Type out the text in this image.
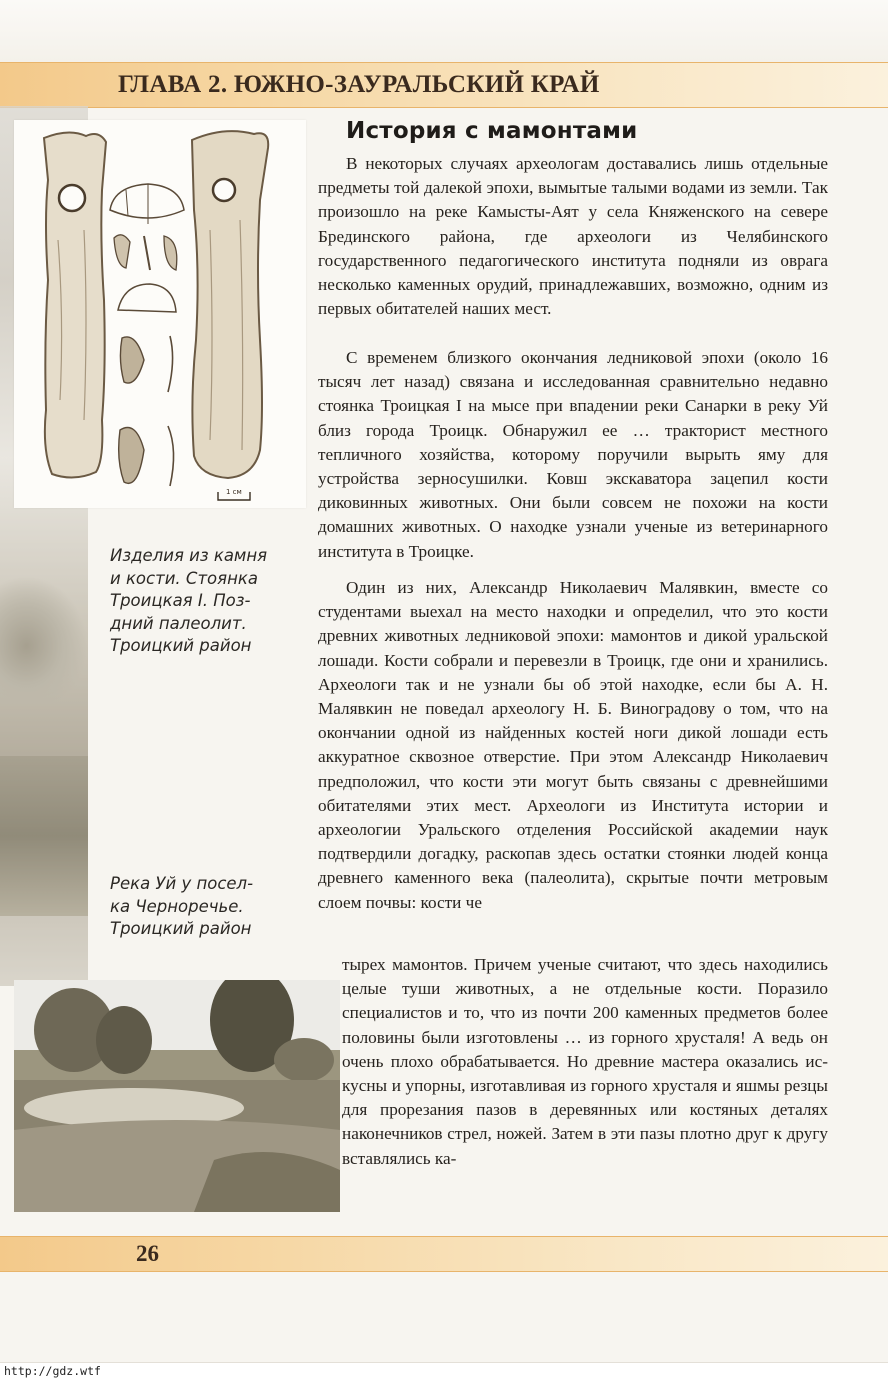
ГЛАВА 2. ЮЖНО-ЗАУРАЛЬСКИЙ КРАЙ
1 см

Изделия из камня
и кости. Стоянка
Троицкая I. Поз-
дний палеолит.
Троицкий район

Река Уй у посел-
ка Черноречье.
Троицкий район

История с мамонтами

В некоторых случаях археологам доставались лишь отдельные предметы той далекой эпохи, вымытые талыми водами из земли. Так произошло на реке Камысты-Аят у села Княженского на севере Брединского района, где археологи из Челябинского государственного педагогического института подняли из оврага несколько каменных орудий, принадлежавших, возможно, одним из первых обитателей наших мест.

С временем близкого окончания ледниковой эпохи (около 16 тысяч лет назад) связана и исследованная сравнительно недавно стоянка Троицкая I на мысе при впадении реки Санарки в реку Уй близ города Троицк. Обнаружил ее … тракторист местного тепличного хозяйства, которому поручили вырыть яму для устройства зерносушилки. Ковш экскаватора зацепил кости диковинных животных. Они были совсем не похожи на кости домашних животных. О находке узнали ученые из ветеринарного института в Троицке.

Один из них, Александр Николаевич Малявкин, вместе со студентами выехал на место находки и определил, что это кости древних животных ледниковой эпохи: мамонтов и дикой уральской лошади. Кости собрали и перевезли в Троицк, где они и хранились. Археологи так и не узнали бы об этой находке, если бы А. Н. Малявкин не поведал археологу Н. Б. Виноградову о том, что на окончании одной из найденных костей ноги дикой лошади есть аккуратное сквозное отверстие. При этом Александр Николаевич предположил, что кости эти могут быть связаны с древнейшими обитателями этих мест. Археологи из Института истории и археологии Уральского отделения Российской академии наук подтвердили догадку, раскопав здесь остатки стоянки людей конца древнего каменного века (палеолита), скрытые почти метровым слоем почвы: кости че

тырех мамонтов. Причем ученые считают, что здесь находились целые туши животных, а не отдельные кости. Поразило специалистов и то, что из почти 200 каменных предметов более половины были изготовлены … из горного хрусталя! А ведь он очень плохо обрабатывается. Но древние мастера оказались искусны и упорны, изготавливая из горного хрусталя и яшмы резцы для прорезания пазов в деревянных или костяных деталях наконечников стрел, ножей. Затем в эти пазы плотно друг к другу вставлялись ка-

26

http://gdz.wtf
